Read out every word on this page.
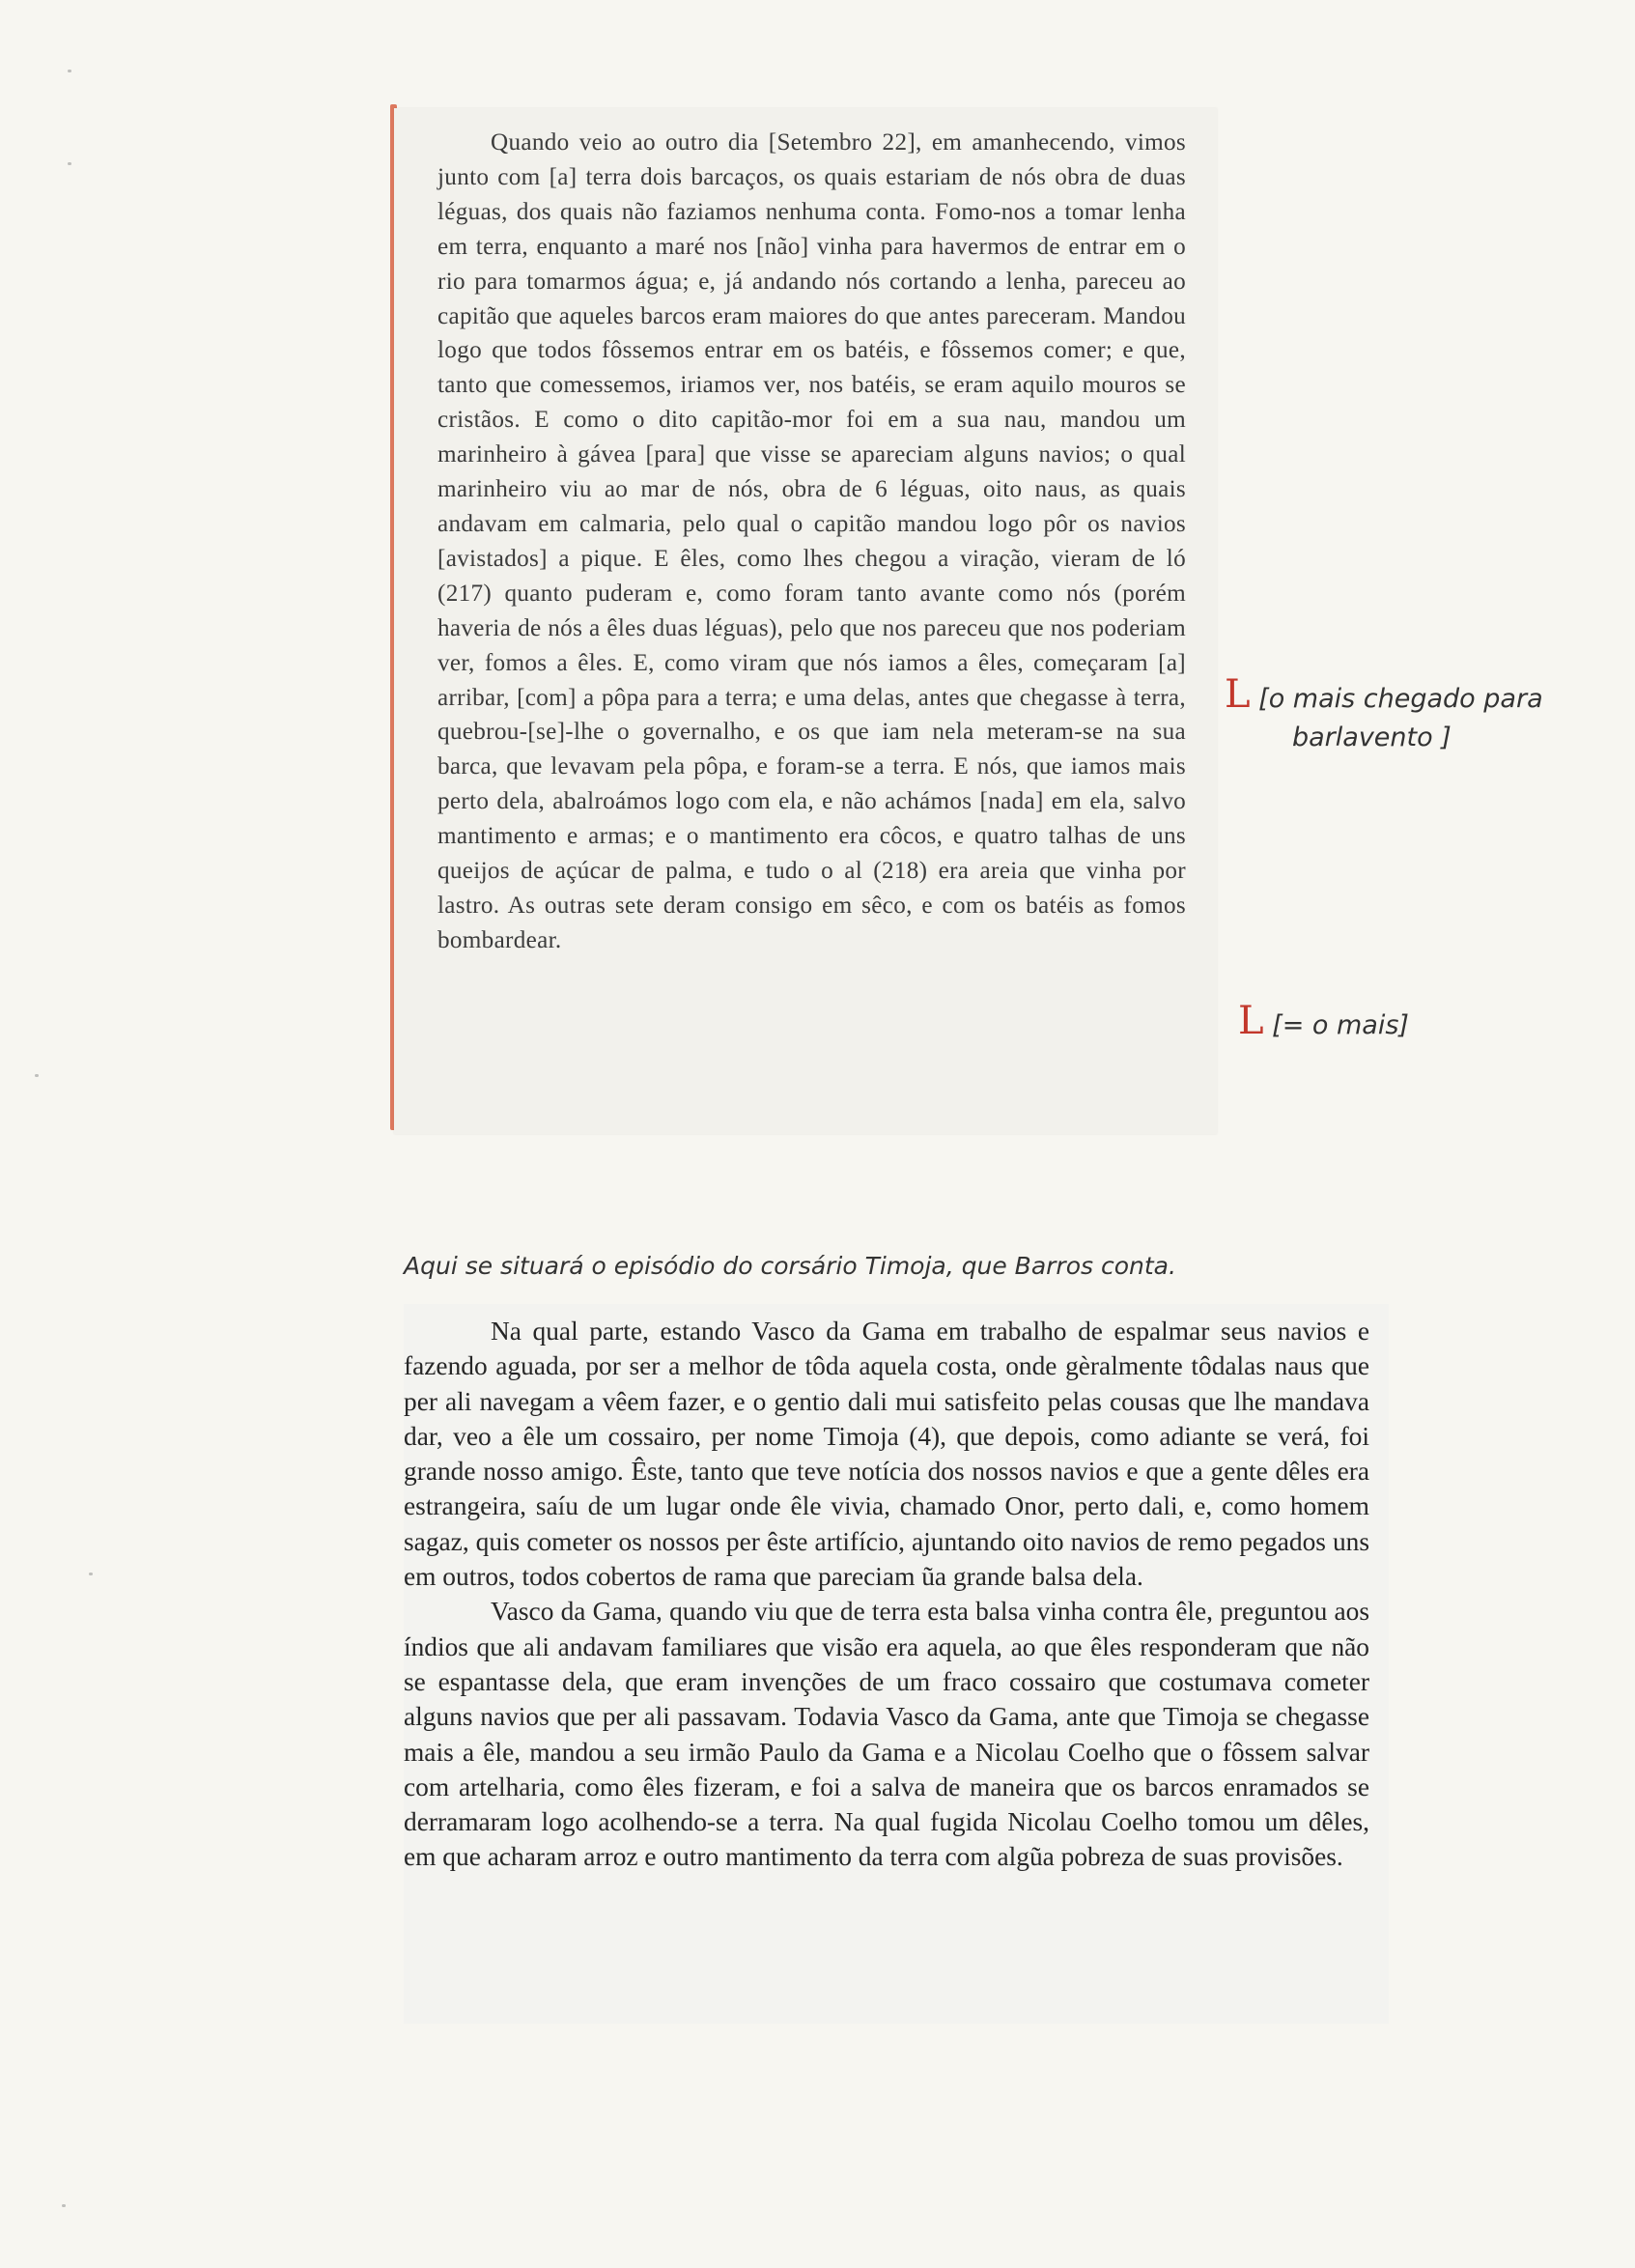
Quando veio ao outro dia [Setembro 22], em amanhecendo, vimos junto com [a] terra dois barcaços, os quais estariam de nós obra de duas léguas, dos quais não faziamos nenhuma conta. Fomo-nos a tomar lenha em terra, enquanto a maré nos [não] vinha para havermos de entrar em o rio para tomarmos água; e, já andando nós cortando a lenha, pareceu ao capitão que aqueles barcos eram maiores do que antes pareceram. Mandou logo que todos fôssemos entrar em os batéis, e fôssemos comer; e que, tanto que comessemos, iriamos ver, nos batéis, se eram aquilo mouros se cristãos. E como o dito capitão-mor foi em a sua nau, mandou um marinheiro à gávea [para] que visse se apareciam alguns navios; o qual marinheiro viu ao mar de nós, obra de 6 léguas, oito naus, as quais andavam em calmaria, pelo qual o capitão mandou logo pôr os navios [avistados] a pique. E êles, como lhes chegou a viração, vieram de ló (217) quanto puderam e, como foram tanto avante como nós (porém haveria de nós a êles duas léguas), pelo que nos pareceu que nos poderiam ver, fomos a êles. E, como viram que nós iamos a êles, começaram [a] arribar, [com] a pôpa para a terra; e uma delas, antes que chegasse à terra, quebrou-[se]-lhe o governalho, e os que iam nela meteram-se na sua barca, que levavam pela pôpa, e foram-se a terra. E nós, que iamos mais perto dela, abalroámos logo com ela, e não achámos [nada] em ela, salvo mantimento e armas; e o mantimento era côcos, e quatro talhas de uns queijos de açúcar de palma, e tudo o al (218) era areia que vinha por lastro. As outras sete deram consigo em sêco, e com os batéis as fomos bombardear.

L [o mais chegado para
barlavento ]
L [= o mais]
Aqui se situará o episódio do corsário Timoja, que Barros conta.

Na qual parte, estando Vasco da Gama em trabalho de espalmar seus navios e fazendo aguada, por ser a melhor de tôda aquela costa, onde gèralmente tôdalas naus que per ali navegam a vêem fazer, e o gentio dali mui satisfeito pelas cousas que lhe mandava dar, veo a êle um cossairo, per nome Timoja (4), que depois, como adiante se verá, foi grande nosso amigo. Êste, tanto que teve notícia dos nossos navios e que a gente dêles era estrangeira, saíu de um lugar onde êle vivia, chamado Onor, perto dali, e, como homem sagaz, quis cometer os nossos per êste artifício, ajuntando oito navios de remo pegados uns em outros, todos cobertos de rama que pareciam ũa grande balsa dela.

Vasco da Gama, quando viu que de terra esta balsa vinha contra êle, preguntou aos índios que ali andavam familiares que visão era aquela, ao que êles responderam que não se espantasse dela, que eram invenções de um fraco cossairo que costumava cometer alguns navios que per ali passavam. Todavia Vasco da Gama, ante que Timoja se chegasse mais a êle, mandou a seu irmão Paulo da Gama e a Nicolau Coelho que o fôssem salvar com artelharia, como êles fizeram, e foi a salva de maneira que os barcos enramados se derramaram logo acolhendo-se a terra. Na qual fugida Nicolau Coelho tomou um dêles, em que acharam arroz e outro mantimento da terra com algũa pobreza de suas provisões.
